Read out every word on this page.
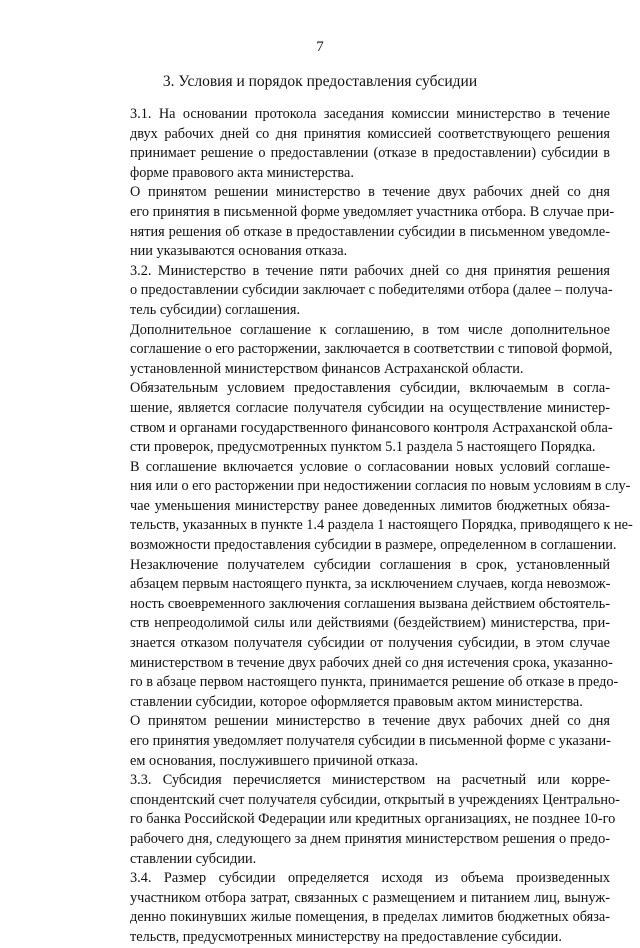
7
3. Условия и порядок предоставления субсидии

3.1. На основании протокола заседания комиссии министерство в течение
двух рабочих дней со дня принятия комиссией соответствующего решения
принимает решение о предоставлении (отказе в предоставлении) субсидии в
форме правового акта министерства.

О принятом решении министерство в течение двух рабочих дней со дня
его принятия в письменной форме уведомляет участника отбора. В случае при-
нятия решения об отказе в предоставлении субсидии в письменном уведомле-
нии указываются основания отказа.

3.2. Министерство в течение пяти рабочих дней со дня принятия решения
о предоставлении субсидии заключает с победителями отбора (далее – получа-
тель субсидии) соглашения.

Дополнительное соглашение к соглашению, в том числе дополнительное
соглашение о его расторжении, заключается в соответствии с типовой формой,
установленной министерством финансов Астраханской области.

Обязательным условием предоставления субсидии, включаемым в согла-
шение, является согласие получателя субсидии на осуществление министер-
ством и органами государственного финансового контроля Астраханской обла-
сти проверок, предусмотренных пунктом 5.1 раздела 5 настоящего Порядка.

В соглашение включается условие о согласовании новых условий соглаше-
ния или о его расторжении при недостижении согласия по новым условиям в слу-
чае уменьшения министерству ранее доведенных лимитов бюджетных обяза-
тельств, указанных в пункте 1.4 раздела 1 настоящего Порядка, приводящего к не-
возможности предоставления субсидии в размере, определенном в соглашении.

Незаключение получателем субсидии соглашения в срок, установленный
абзацем первым настоящего пункта, за исключением случаев, когда невозмож-
ность своевременного заключения соглашения вызвана действием обстоятель-
ств непреодолимой силы или действиями (бездействием) министерства, при-
знается отказом получателя субсидии от получения субсидии, в этом случае
министерством в течение двух рабочих дней со дня истечения срока, указанно-
го в абзаце первом настоящего пункта, принимается решение об отказе в предо-
ставлении субсидии, которое оформляется правовым актом министерства.

О принятом решении министерство в течение двух рабочих дней со дня
его принятия уведомляет получателя субсидии в письменной форме с указани-
ем основания, послужившего причиной отказа.

3.3. Субсидия перечисляется министерством на расчетный или корре-
спондентский счет получателя субсидии, открытый в учреждениях Центрально-
го банка Российской Федерации или кредитных организациях, не позднее 10-го
рабочего дня, следующего за днем принятия министерством решения о предо-
ставлении субсидии.

3.4. Размер субсидии определяется исходя из объема произведенных
участником отбора затрат, связанных с размещением и питанием лиц, вынуж-
денно покинувших жилые помещения, в пределах лимитов бюджетных обяза-
тельств, предусмотренных министерству на предоставление субсидии.
